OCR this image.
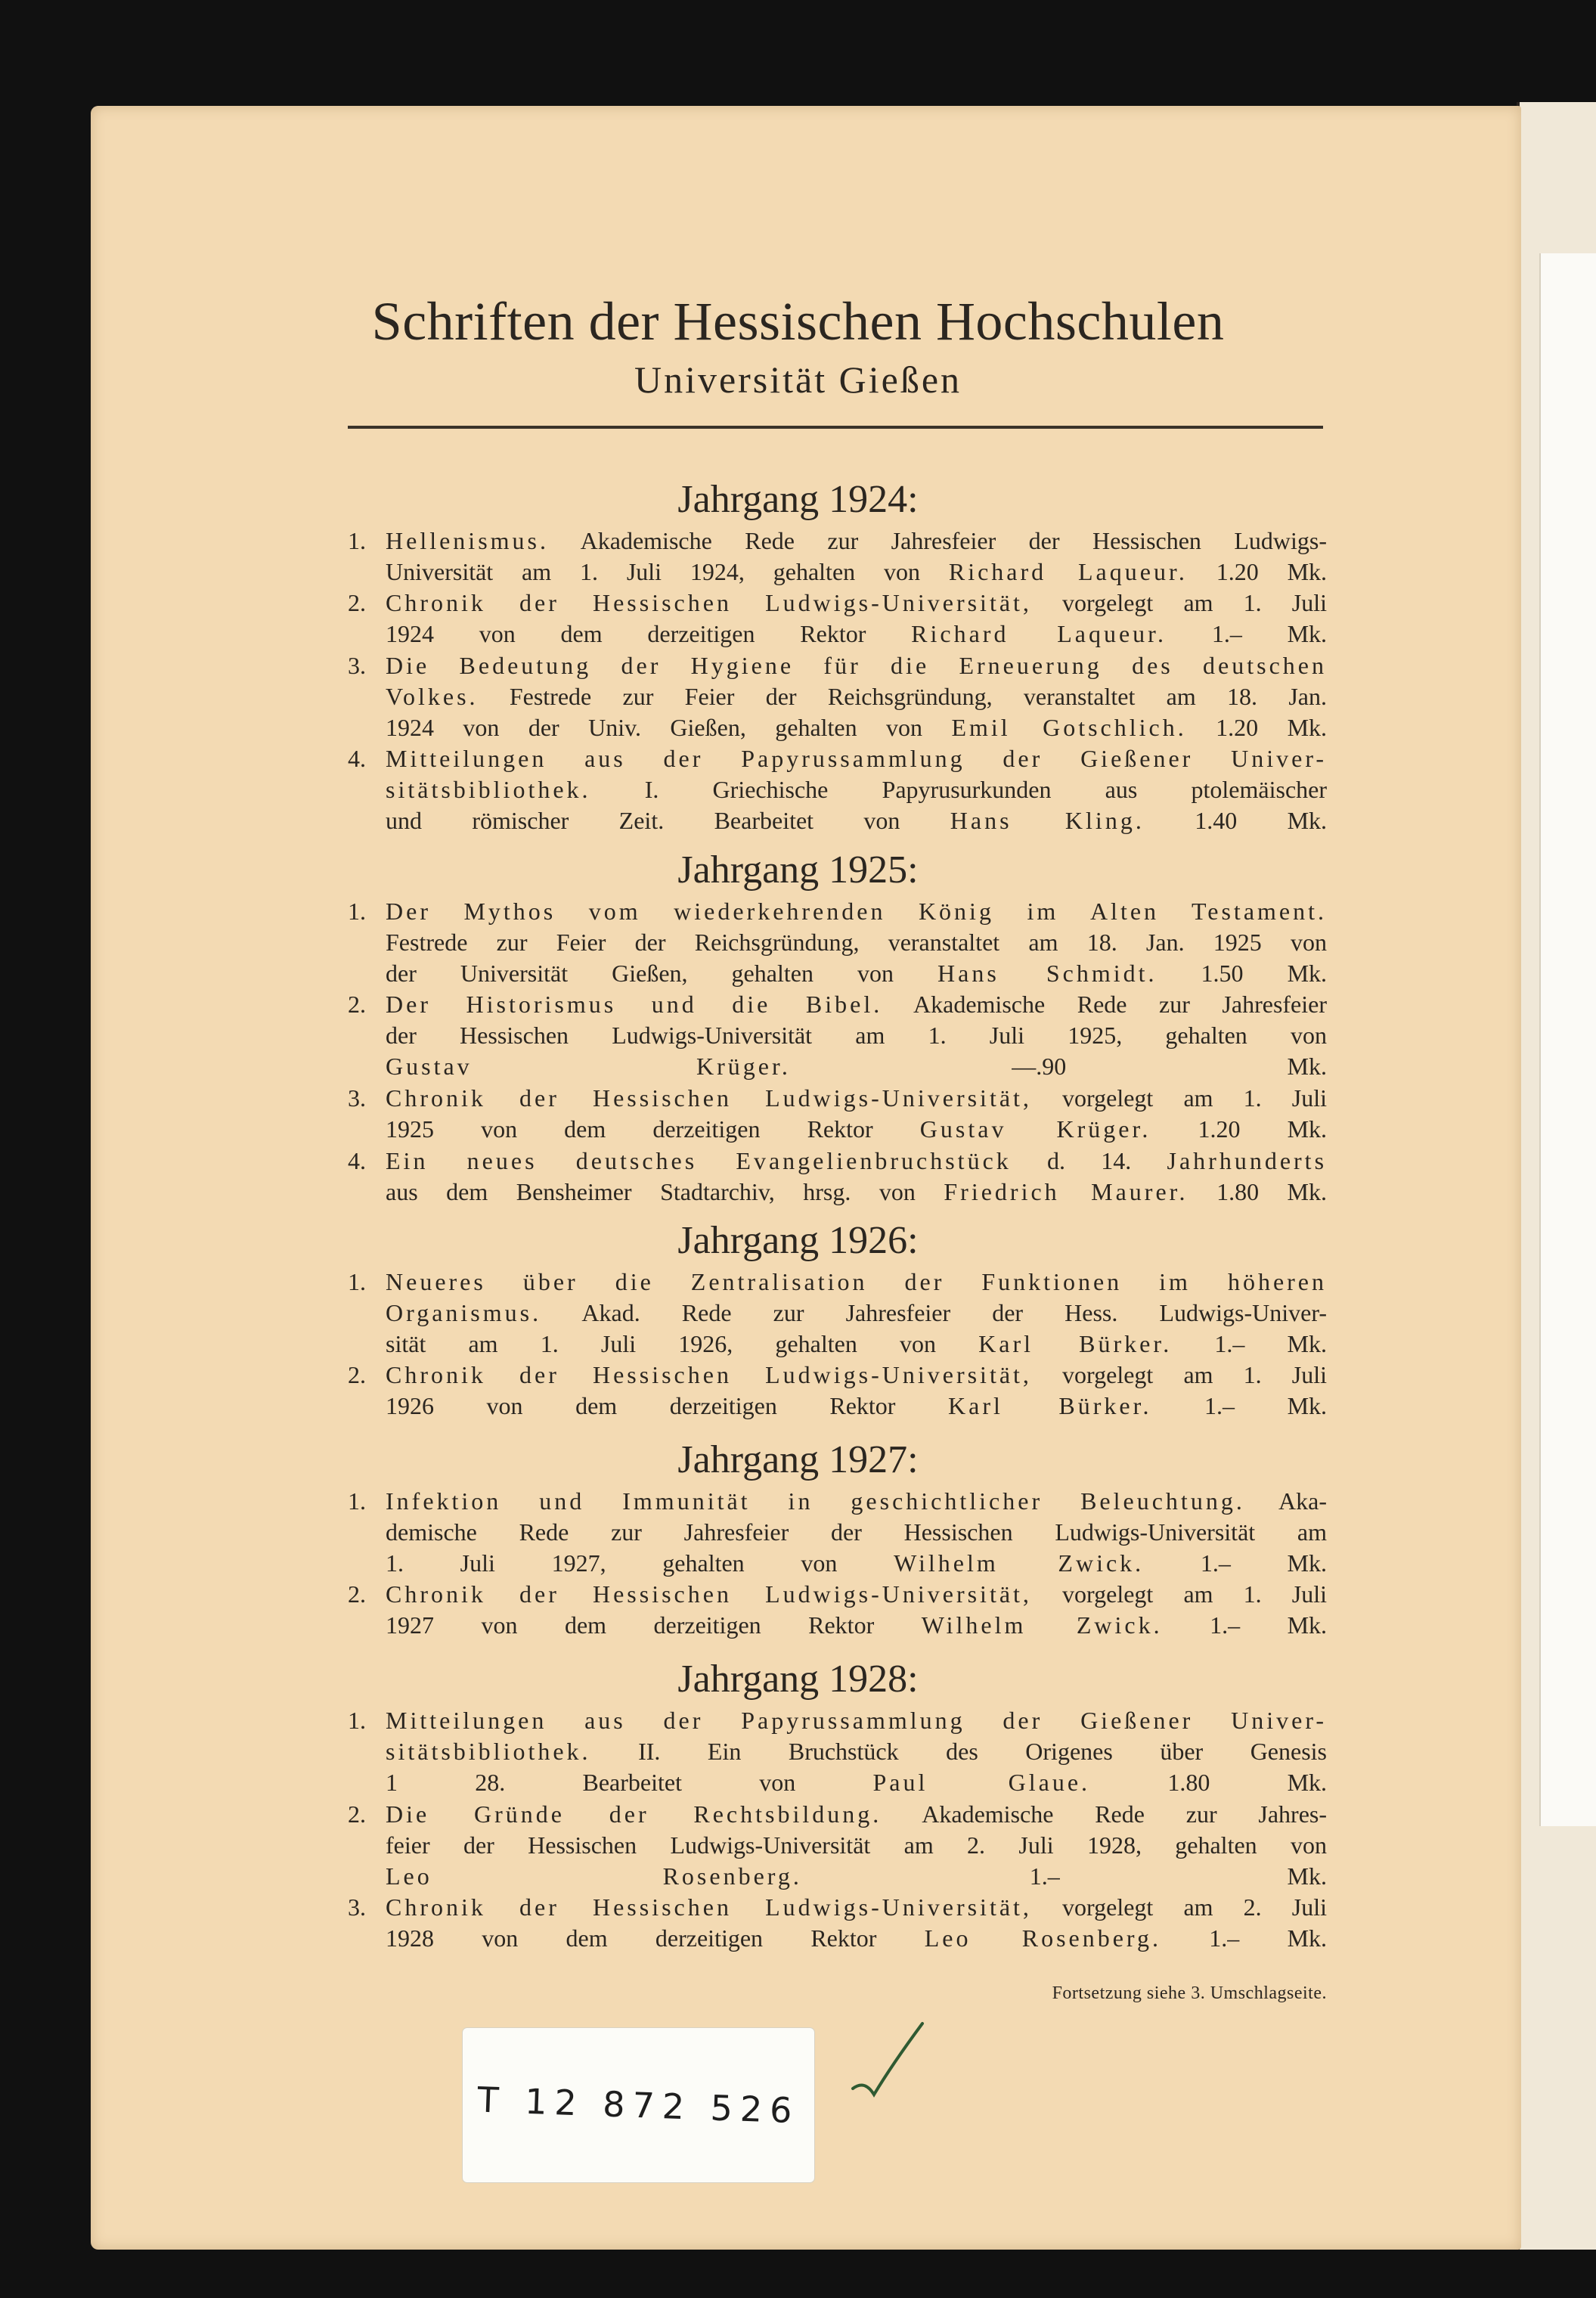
Schriften der Hessischen Hochschulen
Universität Gießen
Jahrgang 1924:
1. Hellenismus. Akademische Rede zur Jahresfeier der Hessischen Ludwigs-
Universität am 1. Juli 1924, gehalten von Richard Laqueur. 1.20 Mk.
2. Chronik der Hessischen Ludwigs-Universität, vorgelegt am 1. Juli
1924 von dem derzeitigen Rektor Richard Laqueur. 1.– Mk.
3. Die Bedeutung der Hygiene für die Erneuerung des deutschen
Volkes. Festrede zur Feier der Reichsgründung, veranstaltet am 18. Jan.
1924 von der Univ. Gießen, gehalten von Emil Gotschlich. 1.20 Mk.
4. Mitteilungen aus der Papyrussammlung der Gießener Univer-
sitätsbibliothek. I. Griechische Papyrusurkunden aus ptolemäischer
und römischer Zeit. Bearbeitet von Hans Kling. 1.40 Mk.
Jahrgang 1925:
1. Der Mythos vom wiederkehrenden König im Alten Testament.
Festrede zur Feier der Reichsgründung, veranstaltet am 18. Jan. 1925 von
der Universität Gießen, gehalten von Hans Schmidt. 1.50 Mk.
2. Der Historismus und die Bibel. Akademische Rede zur Jahresfeier
der Hessischen Ludwigs-Universität am 1. Juli 1925, gehalten von
Gustav Krüger.	—.90 Mk.
3. Chronik der Hessischen Ludwigs-Universität, vorgelegt am 1. Juli
1925 von dem derzeitigen Rektor Gustav Krüger. 1.20 Mk.
4. Ein neues deutsches Evangelienbruchstück d. 14. Jahrhunderts
aus dem Bensheimer Stadtarchiv, hrsg. von Friedrich Maurer. 1.80 Mk.
Jahrgang 1926:
1. Neueres über die Zentralisation der Funktionen im höheren
Organismus. Akad. Rede zur Jahresfeier der Hess. Ludwigs-Univer-
sität am 1. Juli 1926, gehalten von Karl Bürker. 1.– Mk.
2. Chronik der Hessischen Ludwigs-Universität, vorgelegt am 1. Juli
1926 von dem derzeitigen Rektor Karl Bürker. 1.– Mk.
Jahrgang 1927:
1. Infektion und Immunität in geschichtlicher Beleuchtung. Aka-
demische Rede zur Jahresfeier der Hessischen Ludwigs-Universität am
1. Juli 1927, gehalten von Wilhelm Zwick. 1.– Mk.
2. Chronik der Hessischen Ludwigs-Universität, vorgelegt am 1. Juli
1927 von dem derzeitigen Rektor Wilhelm Zwick. 1.– Mk.
Jahrgang 1928:
1. Mitteilungen aus der Papyrussammlung der Gießener Univer-
sitätsbibliothek. II. Ein Bruchstück des Origenes über Genesis
1 28. Bearbeitet von Paul Glaue.	1.80 Mk.
2. Die Gründe der Rechtsbildung. Akademische Rede zur Jahres-
feier der Hessischen Ludwigs-Universität am 2. Juli 1928, gehalten von
Leo Rosenberg.	1.– Mk.
3. Chronik der Hessischen Ludwigs-Universität, vorgelegt am 2. Juli
1928 von dem derzeitigen Rektor Leo Rosenberg. 1.– Mk.
Fortsetzung siehe 3. Umschlagseite.
T 12 872 526
